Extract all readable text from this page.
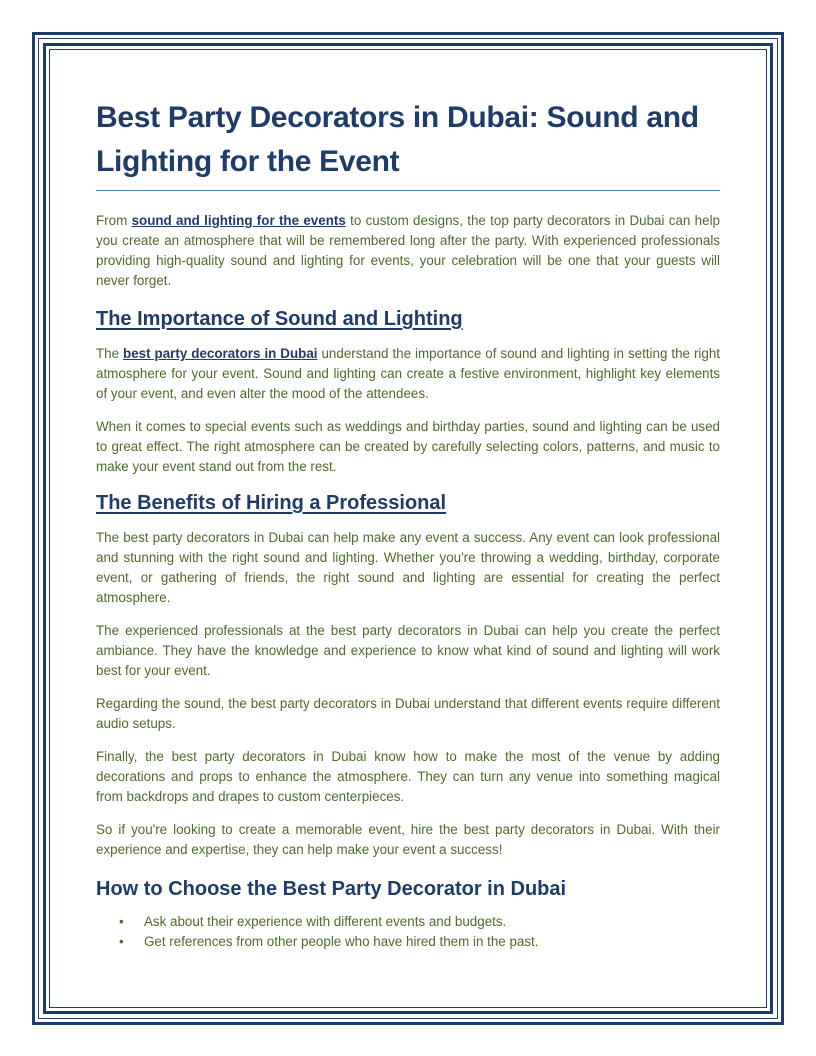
Best Party Decorators in Dubai: Sound and Lighting for the Event

From sound and lighting for the events to custom designs, the top party decorators in Dubai can help you create an atmosphere that will be remembered long after the party. With experienced professionals providing high-quality sound and lighting for events, your celebration will be one that your guests will never forget.

The Importance of Sound and Lighting

The best party decorators in Dubai understand the importance of sound and lighting in setting the right atmosphere for your event. Sound and lighting can create a festive environment, highlight key elements of your event, and even alter the mood of the attendees.

When it comes to special events such as weddings and birthday parties, sound and lighting can be used to great effect. The right atmosphere can be created by carefully selecting colors, patterns, and music to make your event stand out from the rest.

The Benefits of Hiring a Professional

The best party decorators in Dubai can help make any event a success. Any event can look professional and stunning with the right sound and lighting. Whether you're throwing a wedding, birthday, corporate event, or gathering of friends, the right sound and lighting are essential for creating the perfect atmosphere.

The experienced professionals at the best party decorators in Dubai can help you create the perfect ambiance. They have the knowledge and experience to know what kind of sound and lighting will work best for your event.

Regarding the sound, the best party decorators in Dubai understand that different events require different audio setups.

Finally, the best party decorators in Dubai know how to make the most of the venue by adding decorations and props to enhance the atmosphere. They can turn any venue into something magical from backdrops and drapes to custom centerpieces.

So if you're looking to create a memorable event, hire the best party decorators in Dubai. With their experience and expertise, they can help make your event a success!

How to Choose the Best Party Decorator in Dubai
• Ask about their experience with different events and budgets.
• Get references from other people who have hired them in the past.
